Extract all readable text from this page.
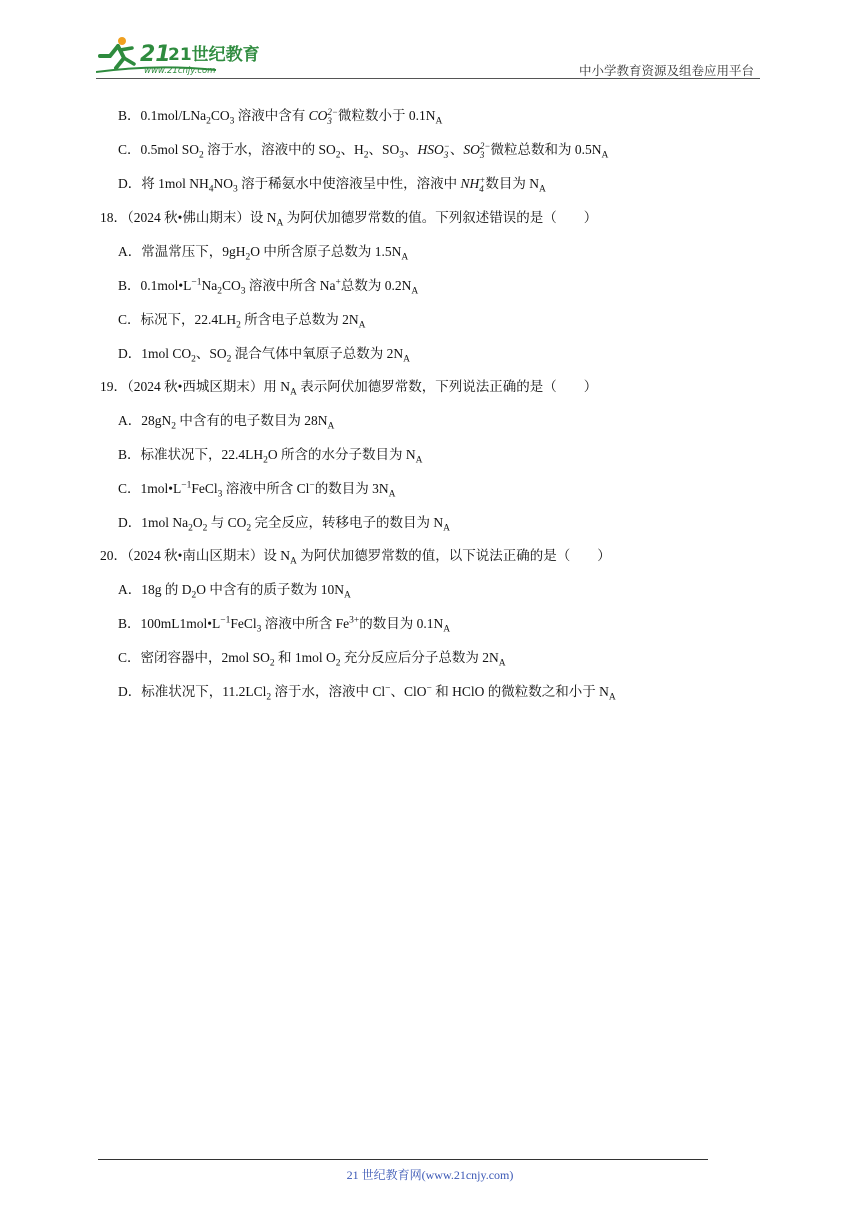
21
21世纪教育
www.21cnjy.com	中小学教育资源及组卷应用平台
B．$0.1mol/LNa_2CO_3$ 溶液中含有 CO 2−
3 微粒数小于 $0.1N_A$
C．0.5mol $SO_2$ 溶于水，溶液中的 $SO_2$、$H_2$、$SO_3$、HSO −
3 、SO 2−
3 微粒总数和为 $0.5N_A$
D．将 1mol $NH_4NO_3$ 溶于稀氨水中使溶液呈中性，溶液中 NH +
4 数目为 $N_A$
18．（2024 秋•佛山期末）设 $N_A$ 为阿伏加德罗常数的值。下列叙述错误的是（　　）
A．常温常压下，$9gH_2O$ 中所含原子总数为 $1.5N_A$
B．$0.1mol•L^{-1}Na_2CO_3$ 溶液中所含 Na+总数为 $0.2N_A$
C．标况下，$22.4LH_2$ 所含电子总数为 $2N_A$
D．1mol $CO_2$、$SO_2$ 混合气体中氧原子总数为 $2N_A$
19．（2024 秋•西城区期末）用 $N_A$ 表示阿伏加德罗常数，下列说法正确的是（　　）
A．$28gN_2$ 中含有的电子数目为 $28N_A$
B．标准状况下，$22.4LH_2O$ 所含的水分子数目为 $N_A$
C．$1mol•L^{-1}FeCl_3$ 溶液中所含 Cl−的数目为 $3N_A$
D．1mol $Na_2O_2$ 与 $CO_2$ 完全反应，转移电子的数目为 $N_A$
20．（2024 秋•南山区期末）设 $N_A$ 为阿伏加德罗常数的值，以下说法正确的是（　　）
A．18g 的 $D_2O$ 中含有的质子数为 $10N_A$
B．$100mL1mol•L^{-1}FeCl_3$ 溶液中所含 $Fe^{3+}$的数目为 $0.1N_A$
C．密闭容器中，2mol $SO_2$ 和 1mol $O_2$ 充分反应后分子总数为 $2N_A$
D．标准状况下，11.2LCl$_2$ 溶于水，溶液中 Cl−、ClO− 和 HClO 的微粒数之和小于 $N_A$
21 世纪教育网(www.21cnjy.com)
